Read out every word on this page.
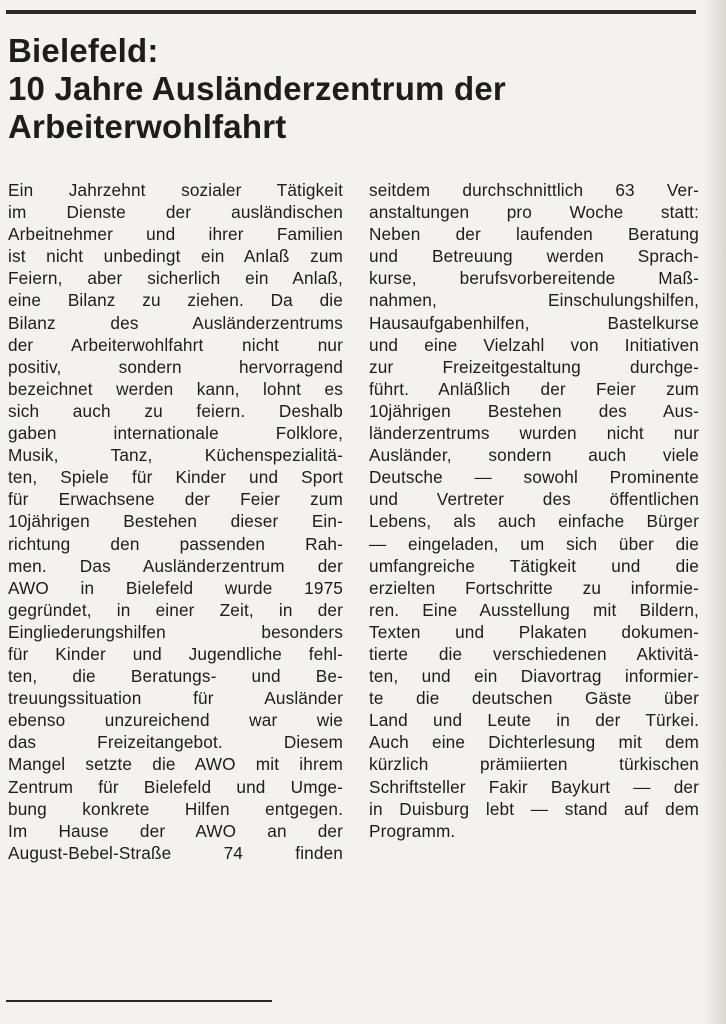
Bielefeld:
10 Jahre Ausländerzentrum der
Arbeiterwohlfahrt
Ein Jahrzehnt sozialer Tätigkeit
im Dienste der ausländischen
Arbeitnehmer und ihrer Familien
ist nicht unbedingt ein Anlaß zum
Feiern, aber sicherlich ein Anlaß,
eine Bilanz zu ziehen. Da die
Bilanz des Ausländerzentrums
der Arbeiterwohlfahrt nicht nur
positiv, sondern hervorragend
bezeichnet werden kann, lohnt es
sich auch zu feiern. Deshalb
gaben internationale Folklore,
Musik, Tanz, Küchenspezialitä-
ten, Spiele für Kinder und Sport
für Erwachsene der Feier zum
10jährigen Bestehen dieser Ein-
richtung den passenden Rah-
men. Das Ausländerzentrum der
AWO in Bielefeld wurde 1975
gegründet, in einer Zeit, in der
Eingliederungshilfen besonders
für Kinder und Jugendliche fehl-
ten, die Beratungs- und Be-
treuungssituation für Ausländer
ebenso unzureichend war wie
das Freizeitangebot. Diesem
Mangel setzte die AWO mit ihrem
Zentrum für Bielefeld und Umge-
bung konkrete Hilfen entgegen.
Im Hause der AWO an der
August-Bebel-Straße 74 finden
seitdem durchschnittlich 63 Ver-
anstaltungen pro Woche statt:
Neben der laufenden Beratung
und Betreuung werden Sprach-
kurse, berufsvorbereitende Maß-
nahmen, Einschulungshilfen,
Hausaufgabenhilfen, Bastelkurse
und eine Vielzahl von Initiativen
zur Freizeitgestaltung durchge-
führt. Anläßlich der Feier zum
10jährigen Bestehen des Aus-
länderzentrums wurden nicht nur
Ausländer, sondern auch viele
Deutsche — sowohl Prominente
und Vertreter des öffentlichen
Lebens, als auch einfache Bürger
— eingeladen, um sich über die
umfangreiche Tätigkeit und die
erzielten Fortschritte zu informie-
ren. Eine Ausstellung mit Bildern,
Texten und Plakaten dokumen-
tierte die verschiedenen Aktivitä-
ten, und ein Diavortrag informier-
te die deutschen Gäste über
Land und Leute in der Türkei.
Auch eine Dichterlesung mit dem
kürzlich prämiierten türkischen
Schriftsteller Fakir Baykurt — der
in Duisburg lebt — stand auf dem
Programm.
